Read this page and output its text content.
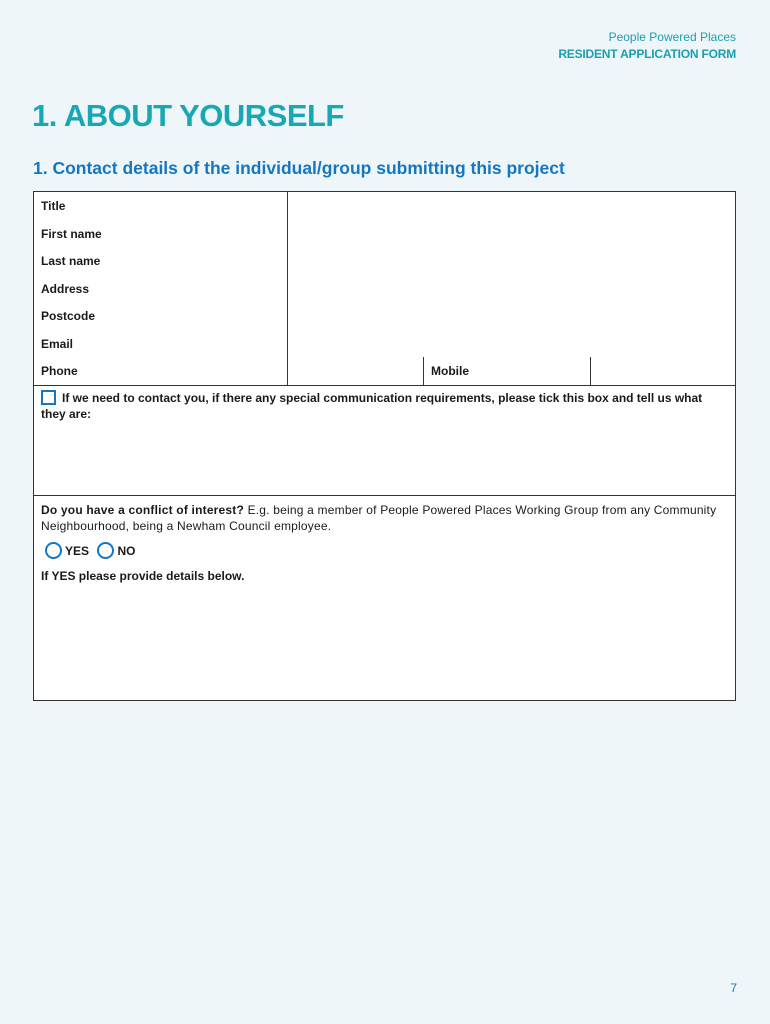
People Powered Places
RESIDENT APPLICATION FORM
1. ABOUT YOURSELF
1. Contact details of the individual/group submitting this project
Title
First name
Last name
Address
Postcode
Email
Phone	Mobile
If we need to contact you, if there any special communication requirements, please tick this box and tell us what they are:
Do you have a conflict of interest? E.g. being a member of People Powered Places Working Group from any Community Neighbourhood, being a Newham Council employee.
YES NO
If YES please provide details below.
7
